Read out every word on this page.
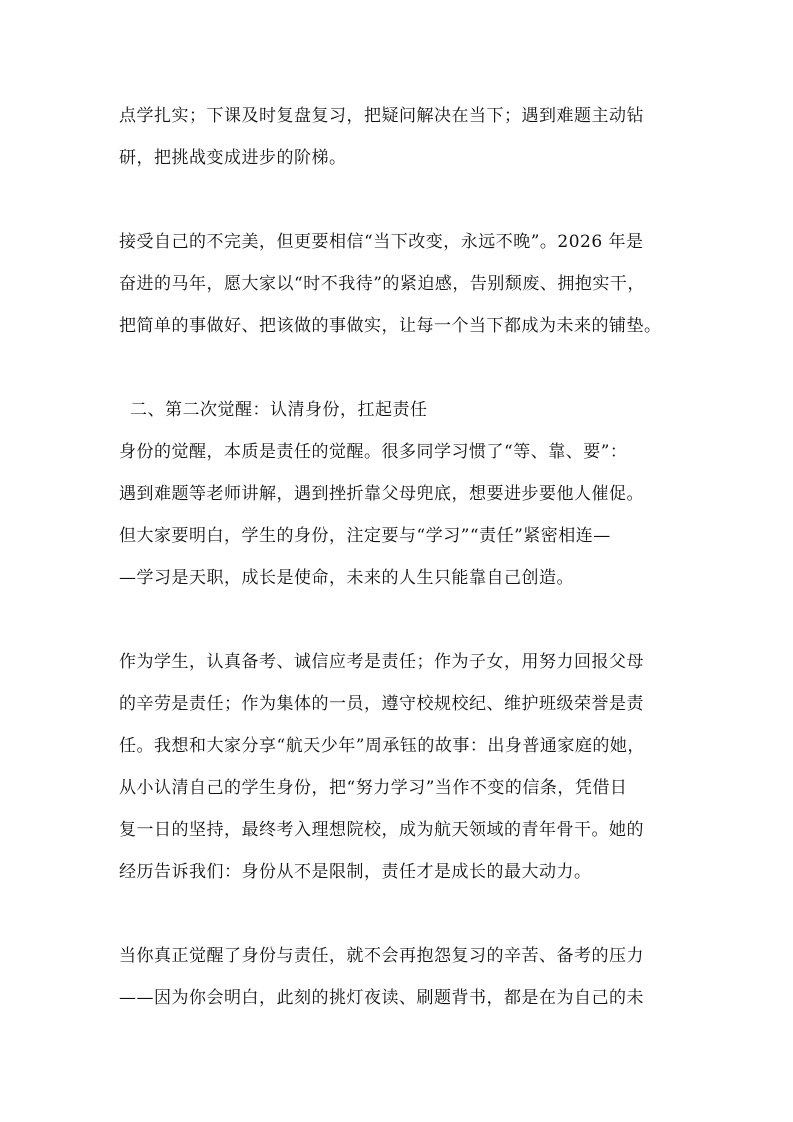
点学扎实；下课及时复盘复习，把疑问解决在当下；遇到难题主动钻
研，把挑战变成进步的阶梯。
接受自己的不完美，但更要相信“当下改变，永远不晚”。2026 年是
奋进的马年，愿大家以“时不我待”的紧迫感，告别颓废、拥抱实干，
把简单的事做好、把该做的事做实，让每一个当下都成为未来的铺垫。
二、第二次觉醒：认清身份，扛起责任
身份的觉醒，本质是责任的觉醒。很多同学习惯了“等、靠、要”：
遇到难题等老师讲解，遇到挫折靠父母兜底，想要进步要他人催促。
但大家要明白，学生的身份，注定要与“学习”“责任”紧密相连—
—学习是天职，成长是使命，未来的人生只能靠自己创造。
作为学生，认真备考、诚信应考是责任；作为子女，用努力回报父母
的辛劳是责任；作为集体的一员，遵守校规校纪、维护班级荣誉是责
任。我想和大家分享“航天少年”周承钰的故事：出身普通家庭的她，
从小认清自己的学生身份，把“努力学习”当作不变的信条，凭借日
复一日的坚持，最终考入理想院校，成为航天领域的青年骨干。她的
经历告诉我们：身份从不是限制，责任才是成长的最大动力。
当你真正觉醒了身份与责任，就不会再抱怨复习的辛苦、备考的压力
——因为你会明白，此刻的挑灯夜读、刷题背书，都是在为自己的未
